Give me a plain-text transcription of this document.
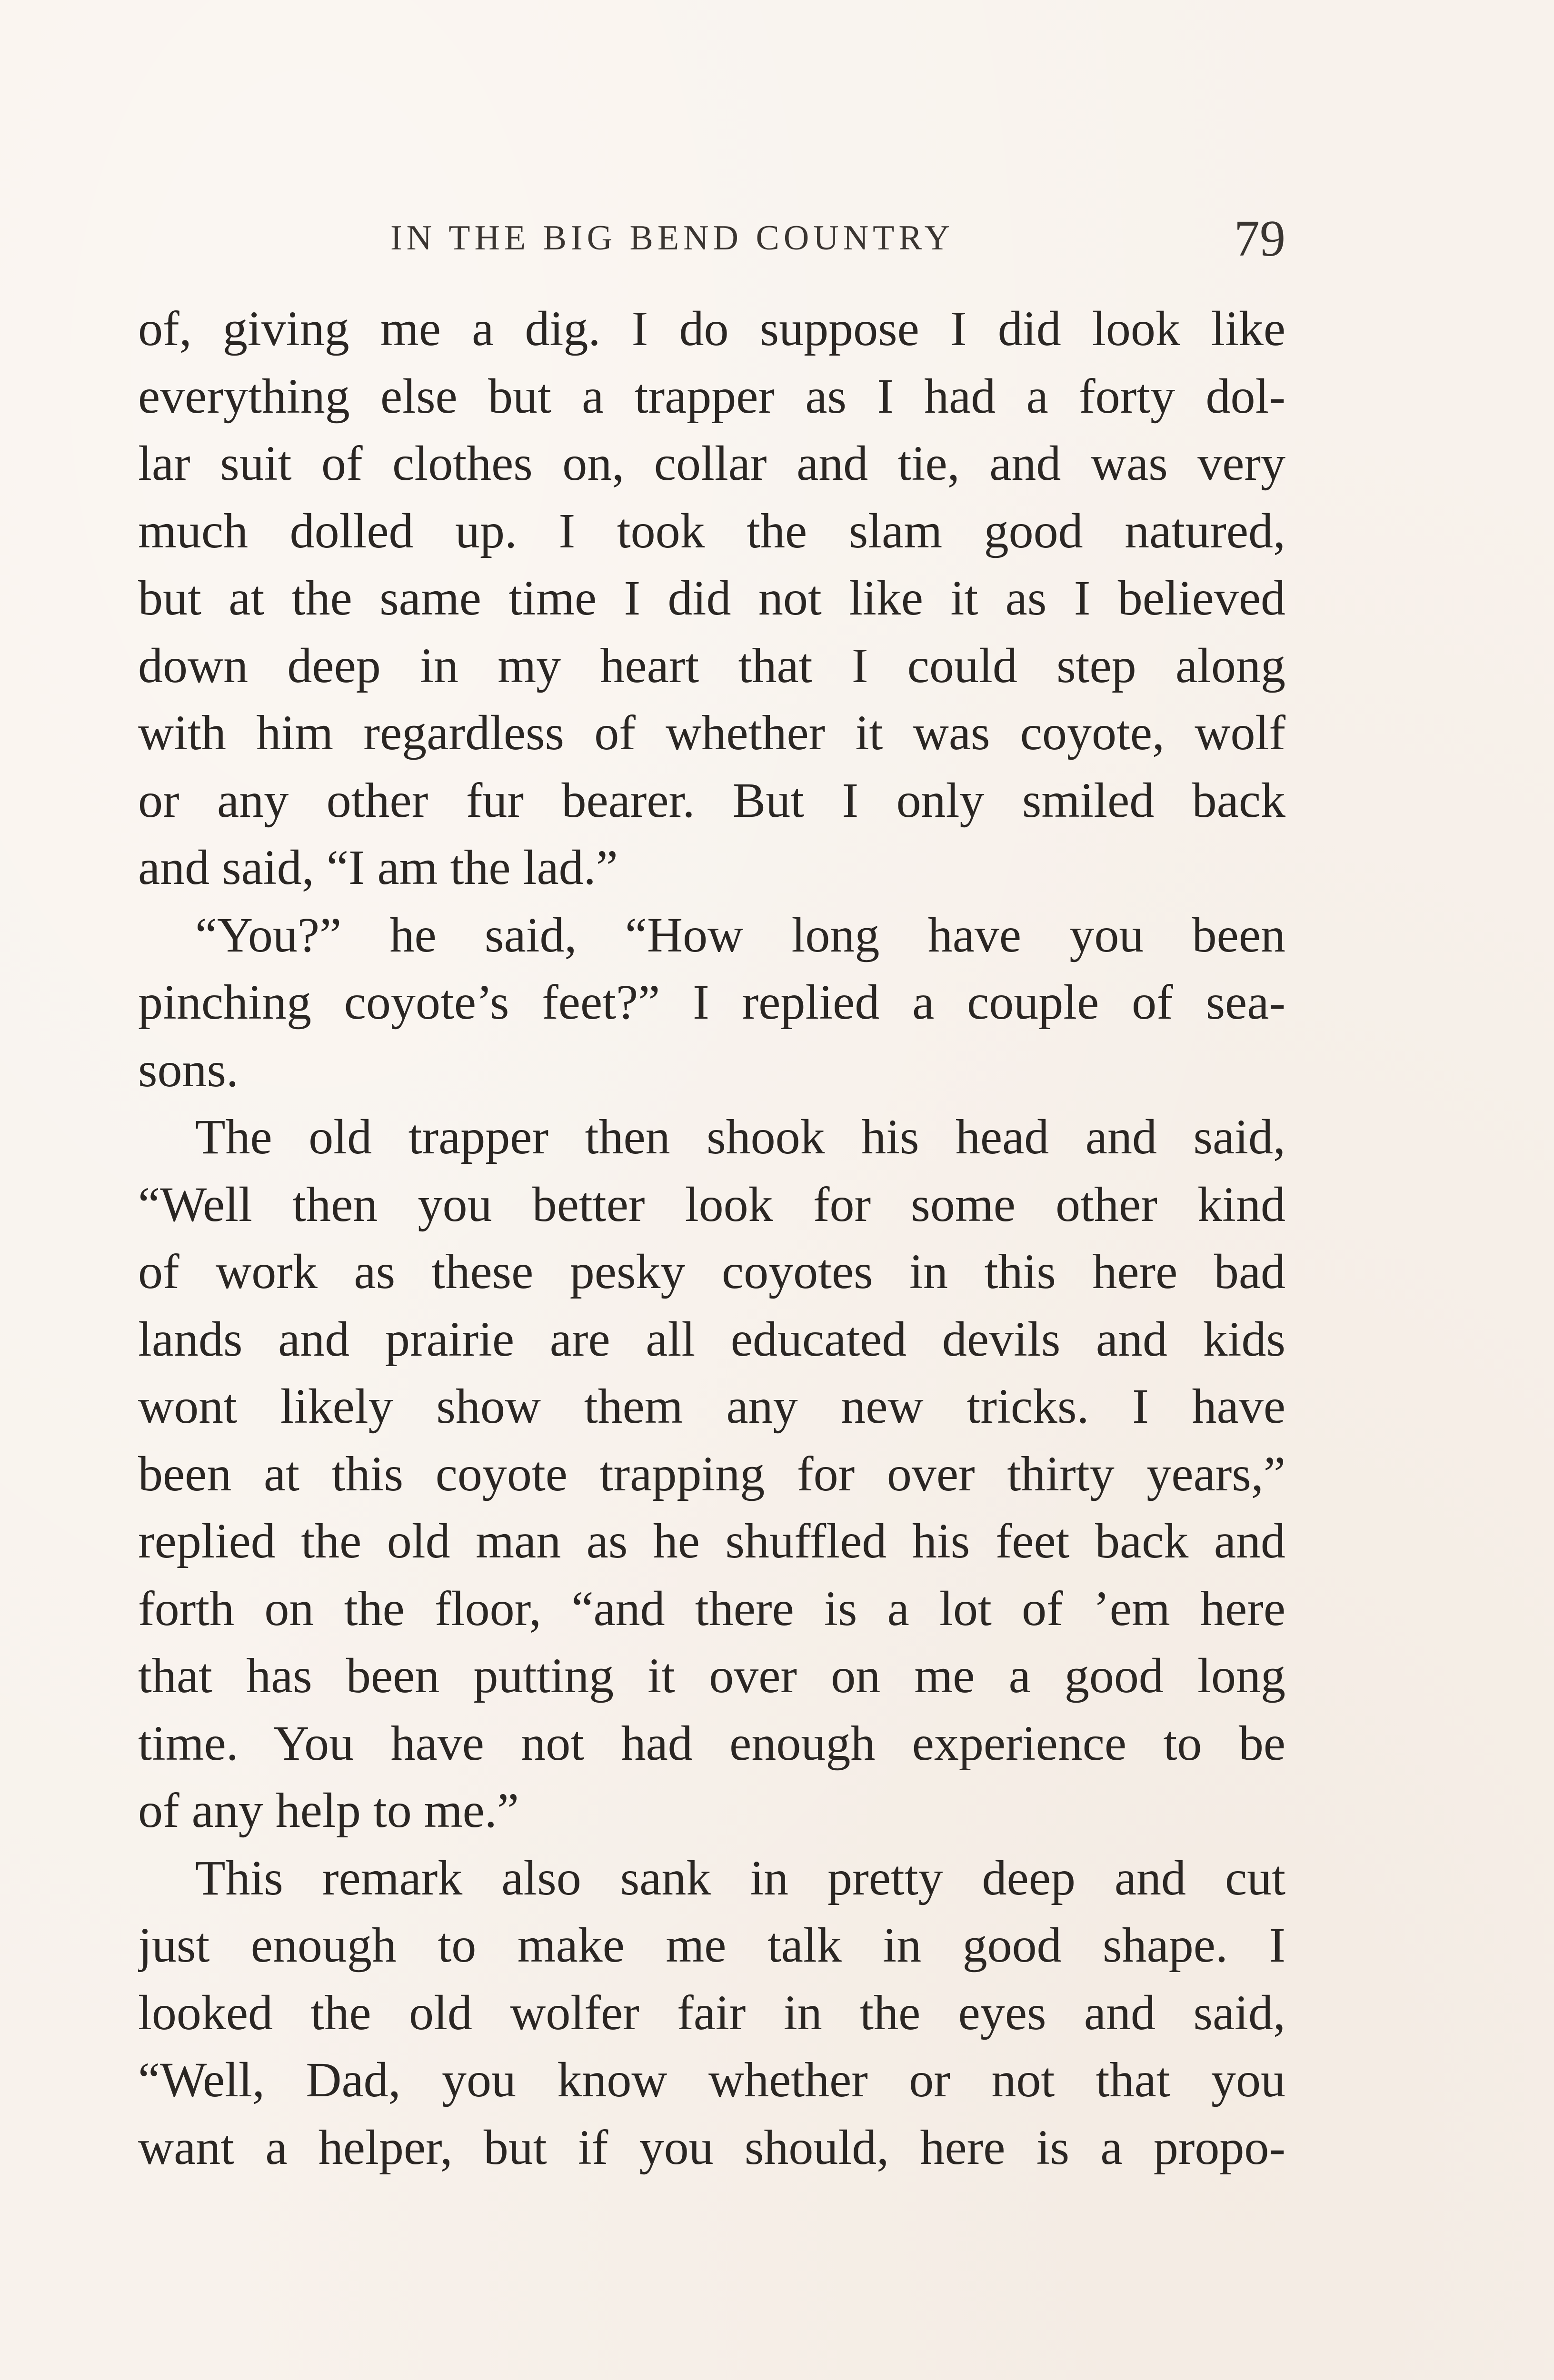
IN THE BIG BEND COUNTRY	79
of, giving me a dig. I do suppose I did look like
everything else but a trapper as I had a forty dol-
lar suit of clothes on, collar and tie, and was very
much dolled up. I took the slam good natured,
but at the same time I did not like it as I believed
down deep in my heart that I could step along
with him regardless of whether it was coyote, wolf
or any other fur bearer. But I only smiled back
and said, “I am the lad.”
“You?” he said, “How long have you been
pinching coyote’s feet?” I replied a couple of sea-
sons.
The old trapper then shook his head and said,
“Well then you better look for some other kind
of work as these pesky coyotes in this here bad
lands and prairie are all educated devils and kids
wont likely show them any new tricks. I have
been at this coyote trapping for over thirty years,”
replied the old man as he shuffled his feet back and
forth on the floor, “and there is a lot of ’em here
that has been putting it over on me a good long
time. You have not had enough experience to be
of any help to me.”
This remark also sank in pretty deep and cut
just enough to make me talk in good shape. I
looked the old wolfer fair in the eyes and said,
“Well, Dad, you know whether or not that you
want a helper, but if you should, here is a propo-
